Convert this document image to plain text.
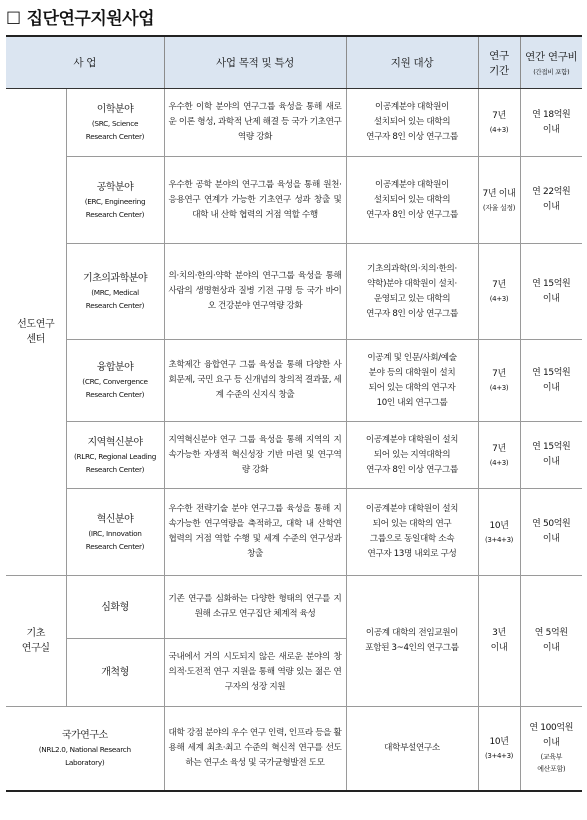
□ 집단연구지원사업
사 업		사업 목적 및 특성	지원 대상	연구
기간	연간 연구비
(간접비 포함)

선도연구
센터	이학분야
(SRC, Science
Research Center)	우수한 이학 분야의 연구그룹 육성을 통해 새로운 이론 형성, 과학적 난제 해결 등 국가 기초연구역량 강화	이공계분야 대학원이
설치되어 있는 대학의
연구자 8인 이상 연구그룹	7년
(4+3)	연 18억원
이내

	공학분야
(ERC, Engineering
Research Center)	우수한 공학 분야의 연구그룹 육성을 통해 원천·응용연구 연계가 가능한 기초연구 성과 창출 및 대학 내 산학 협력의 거점 역할 수행	이공계분야 대학원이
설치되어 있는 대학의
연구자 8인 이상 연구그룹	7년 이내
(자율 설정)	연 22억원
이내

	기초의과학분야
(MRC, Medical
Research Center)	의·치의·한의·약학 분야의 연구그룹 육성을 통해 사람의 생명현상과 질병 기전 규명 등 국가 바이오 건강분야 연구역량 강화	기초의과학(의·치의·한의·
약학)분야 대학원이 설치·
운영되고 있는 대학의
연구자 8인 이상 연구그룹	7년
(4+3)	연 15억원
이내

	융합분야
(CRC, Convergence
Research Center)	초학제간 융합연구 그룹 육성을 통해 다양한 사회문제, 국민 요구 등 신개념의 창의적 결과물, 세계 수준의 신지식 창출	이공계 및 인문/사회/예술
분야 등의 대학원이 설치
되어 있는 대학의 연구자
10인 내외 연구그룹	7년
(4+3)	연 15억원
이내

	지역혁신분야
(RLRC, Regional Leading
Research Center)	지역혁신분야 연구 그룹 육성을 통해 지역의 지속가능한 자생적 혁신성장 기반 마련 및 연구역량 강화	이공계분야 대학원이 설치
되어 있는 지역대학의
연구자 8인 이상 연구그룹	7년
(4+3)	연 15억원
이내

	혁신분야
(IRC, Innovation
Research Center)	우수한 전략기술 분야 연구그룹 육성을 통해 지속가능한 연구역량을 축적하고, 대학 내 산학연 협력의 거점 역할 수행 및 세계 수준의 연구성과 창출	이공계분야 대학원이 설치
되어 있는 대학의 연구
그룹으로 동일대학 소속
연구자 13명 내외로 구성	10년
(3+4+3)	연 50억원
이내

기초
연구실	심화형	기존 연구를 심화하는 다양한 형태의 연구를 지원해 소규모 연구집단 체계적 육성	이공계 대학의 전임교원이
포함된 3~4인의 연구그룹	3년
이내	연 5억원
이내

	개척형	국내에서 거의 시도되지 않은 새로운 분야의 창의적·도전적 연구 지원을 통해 역량 있는 젊은 연구자의 성장 지원			

국가연구소
(NRL2.0, National Research
Laboratory)		대학 강점 분야의 우수 연구 인력, 인프라 등을 활용해 세계 최초·최고 수준의 혁신적 연구를 선도하는 연구소 육성 및 국가균형발전 도모	대학부설연구소	10년
(3+4+3)	연 100억원
이내
(교육부
예산포함)
